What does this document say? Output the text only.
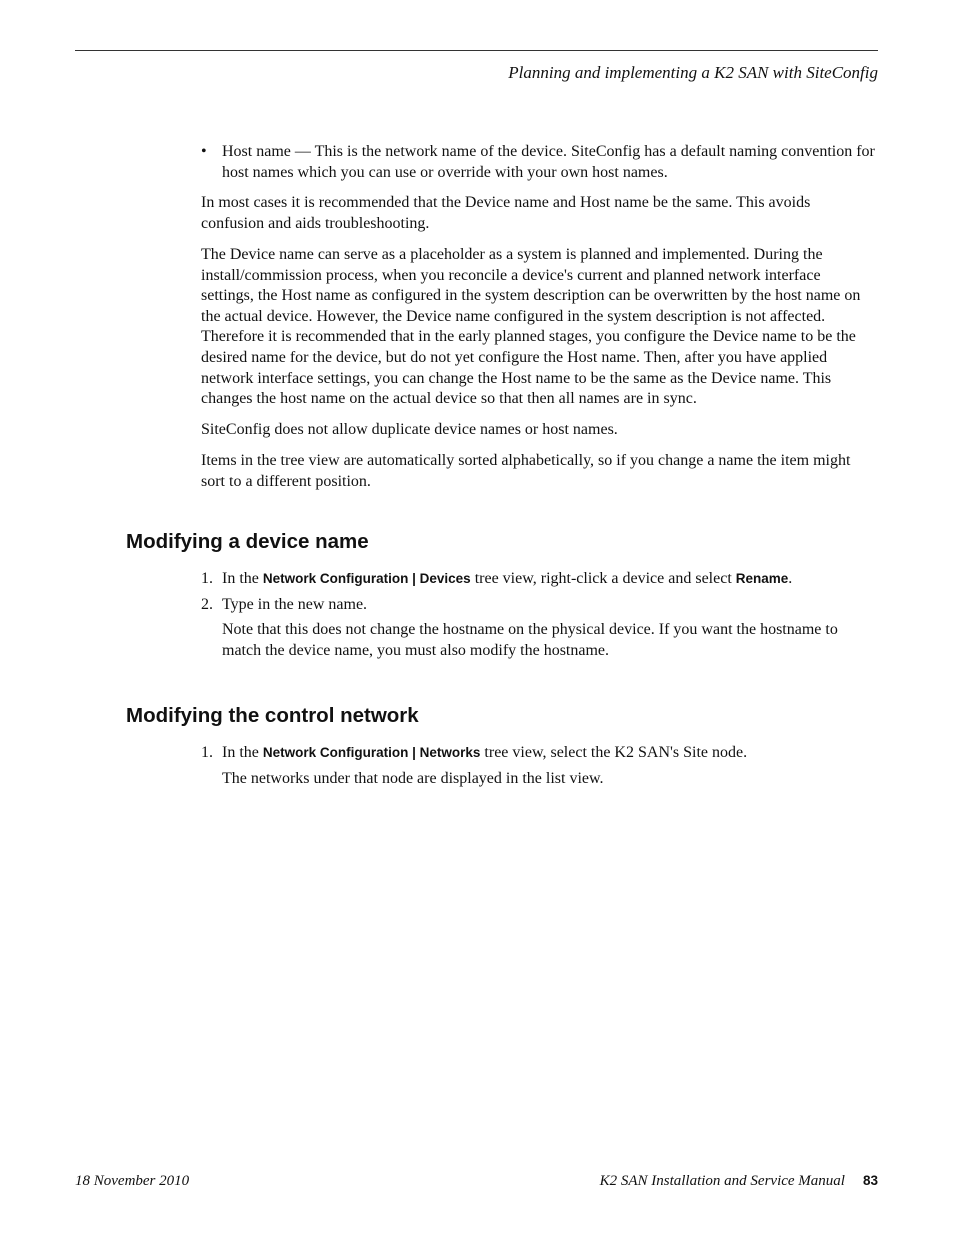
Planning and implementing a K2 SAN with SiteConfig
• Host name — This is the network name of the device. SiteConfig has a default naming convention for host names which you can use or override with your own host names.

In most cases it is recommended that the Device name and Host name be the same. This avoids confusion and aids troubleshooting.

The Device name can serve as a placeholder as a system is planned and implemented. During the install/commission process, when you reconcile a device's current and planned network interface settings, the Host name as configured in the system description can be overwritten by the host name on the actual device. However, the Device name configured in the system description is not affected. Therefore it is recommended that in the early planned stages, you configure the Device name to be the desired name for the device, but do not yet configure the Host name. Then, after you have applied network interface settings, you can change the Host name to be the same as the Device name. This changes the host name on the actual device so that then all names are in sync.

SiteConfig does not allow duplicate device names or host names.

Items in the tree view are automatically sorted alphabetically, so if you change a name the item might sort to a different position.

Modifying a device name
1. In the Network Configuration | Devices tree view, right-click a device and select Rename.

2. Type in the new name.

Note that this does not change the hostname on the physical device. If you want the hostname to match the device name, you must also modify the hostname.

Modifying the control network
1. In the Network Configuration | Networks tree view, select the K2 SAN's Site node.

The networks under that node are displayed in the list view.

18 November 2010	K2 SAN Installation and Service Manual 83
